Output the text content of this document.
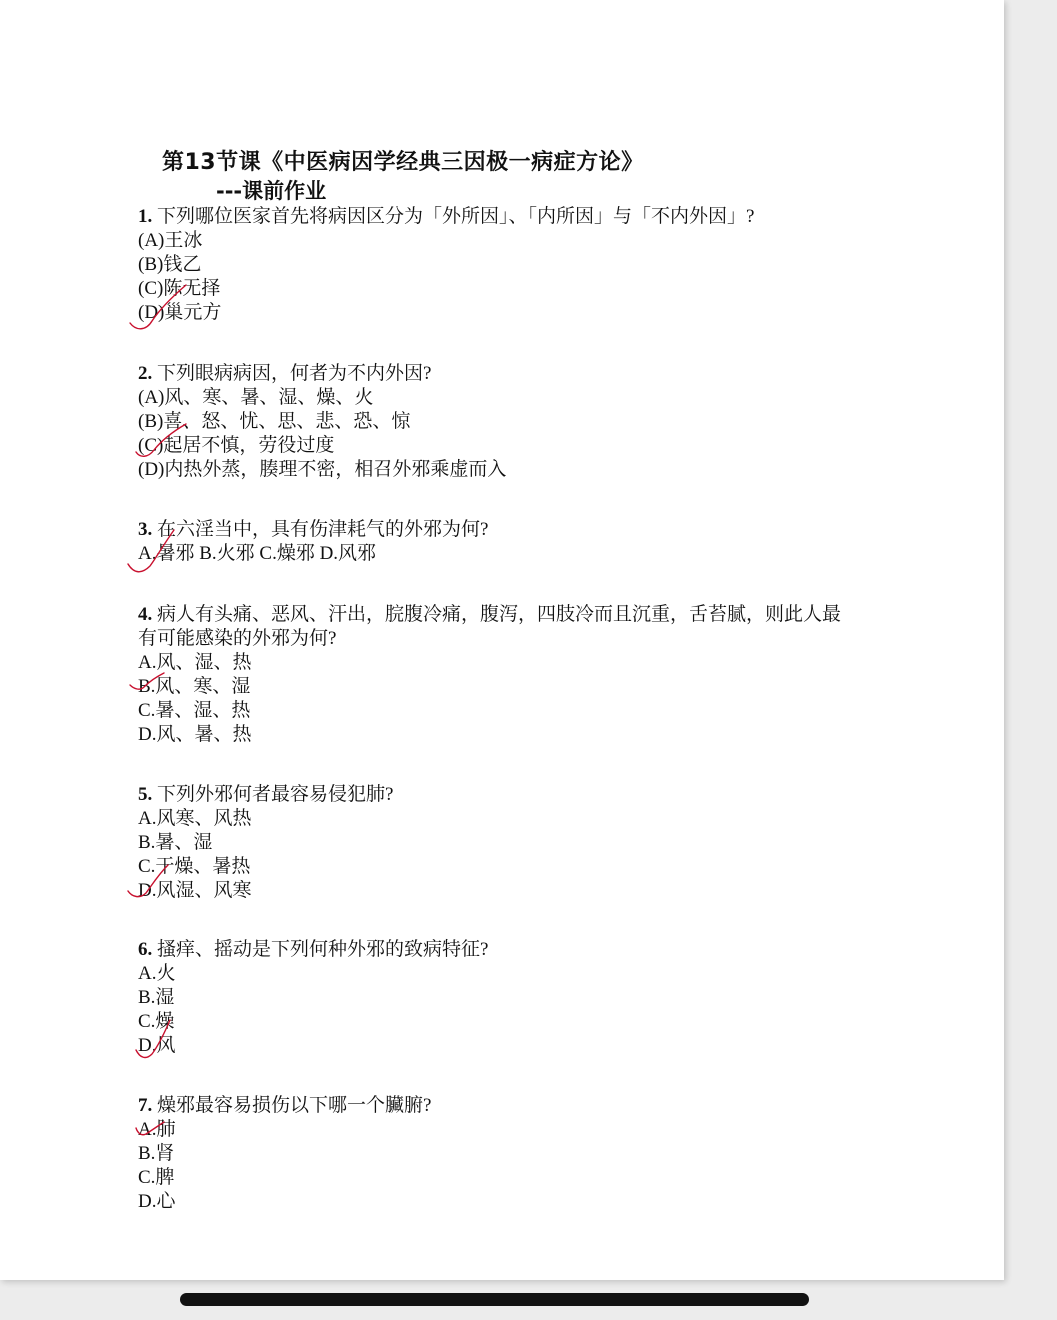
第13节课《中医病因学经典三因极一病症方论》
---课前作业

1. 下列哪位医家首先将病因区分为「外所因」、「内所因」与「不内外因」?

(A)王冰
(B)钱乙
(C)陈无择
(D)巢元方

2. 下列眼病病因，何者为不内外因?

(A)风、寒、暑、湿、燥、火
(B)喜、怒、忧、思、悲、恐、惊
(C)起居不慎，劳役过度
(D)内热外蒸，腠理不密，相召外邪乘虚而入

3. 在六淫当中，具有伤津耗气的外邪为何?

A.暑邪 B.火邪 C.燥邪 D.风邪

4. 病人有头痛、恶风、汗出，脘腹冷痛，腹泻，四肢冷而且沉重，舌苔腻，则此人最有可能感染的外邪为何?

A.风、湿、热
B.风、寒、湿
C.暑、湿、热
D.风、暑、热

5. 下列外邪何者最容易侵犯肺?

A.风寒、风热
B.暑、湿
C.干燥、暑热
D.风湿、风寒

6. 搔痒、摇动是下列何种外邪的致病特征?

A.火
B.湿
C.燥
D.风

7. 燥邪最容易损伤以下哪一个臟腑?

A.肺
B.肾
C.脾
D.心
